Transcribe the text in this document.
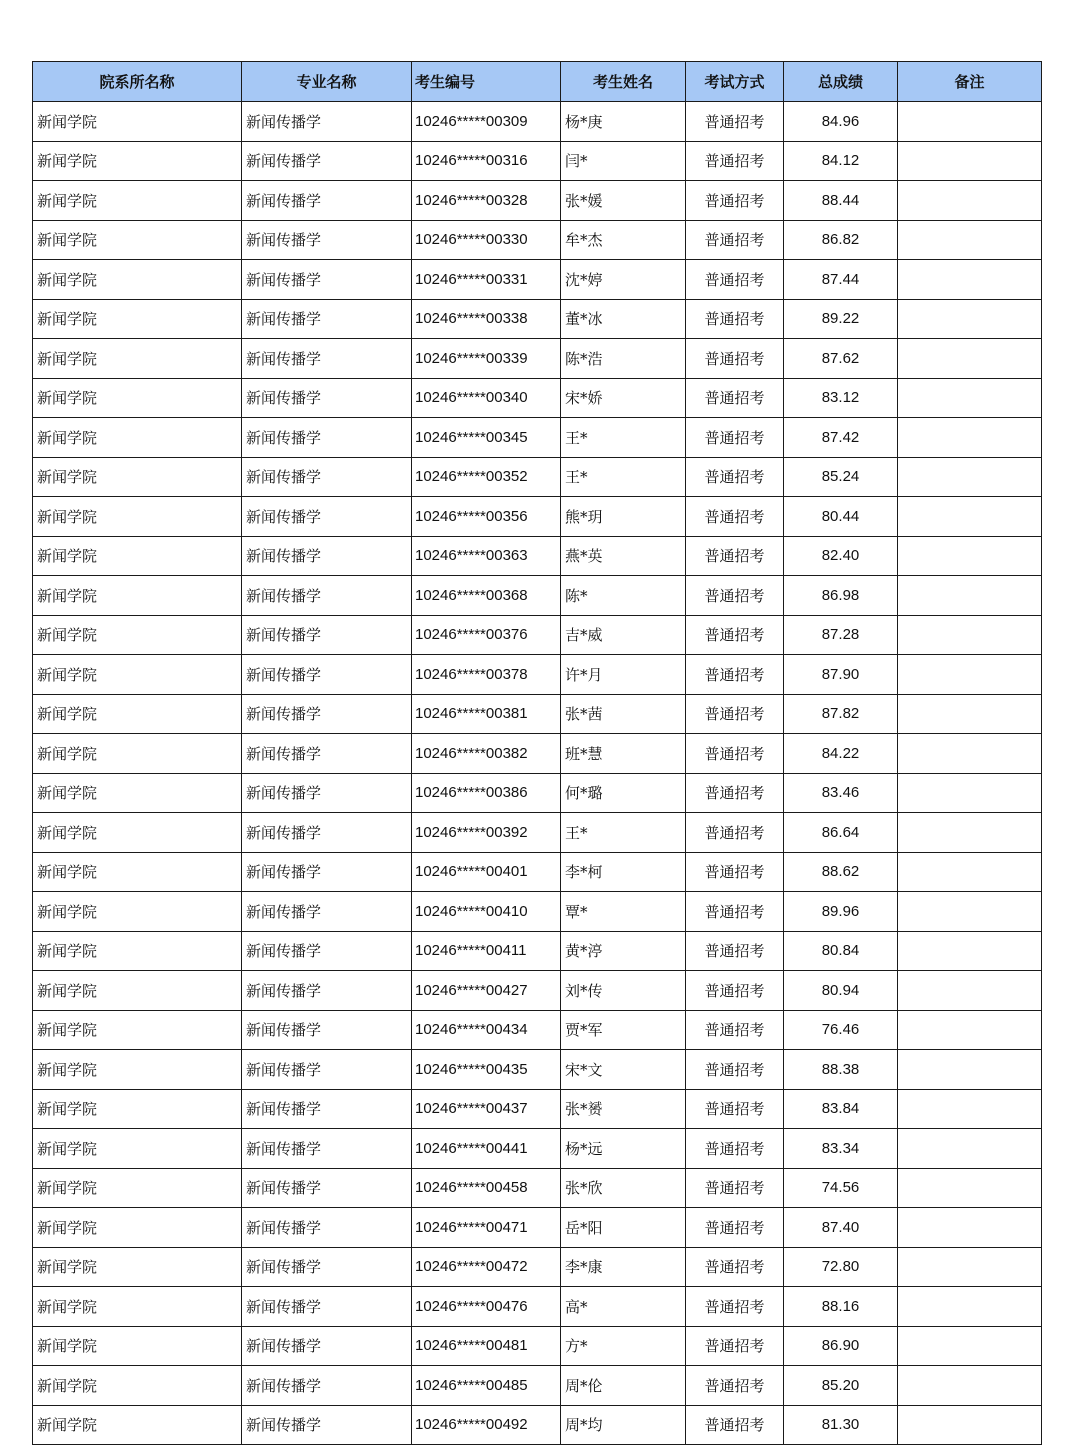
院系所名称	专业名称	考生编号	考生姓名	考试方式	总成绩	备注
新闻学院	新闻传播学	10246*****00309	杨*庚	普通招考	84.96	
新闻学院	新闻传播学	10246*****00316	闫*	普通招考	84.12	
新闻学院	新闻传播学	10246*****00328	张*媛	普通招考	88.44	
新闻学院	新闻传播学	10246*****00330	牟*杰	普通招考	86.82	
新闻学院	新闻传播学	10246*****00331	沈*婷	普通招考	87.44	
新闻学院	新闻传播学	10246*****00338	董*冰	普通招考	89.22	
新闻学院	新闻传播学	10246*****00339	陈*浩	普通招考	87.62	
新闻学院	新闻传播学	10246*****00340	宋*娇	普通招考	83.12	
新闻学院	新闻传播学	10246*****00345	王*	普通招考	87.42	
新闻学院	新闻传播学	10246*****00352	王*	普通招考	85.24	
新闻学院	新闻传播学	10246*****00356	熊*玥	普通招考	80.44	
新闻学院	新闻传播学	10246*****00363	燕*英	普通招考	82.40	
新闻学院	新闻传播学	10246*****00368	陈*	普通招考	86.98	
新闻学院	新闻传播学	10246*****00376	吉*威	普通招考	87.28	
新闻学院	新闻传播学	10246*****00378	许*月	普通招考	87.90	
新闻学院	新闻传播学	10246*****00381	张*茜	普通招考	87.82	
新闻学院	新闻传播学	10246*****00382	班*慧	普通招考	84.22	
新闻学院	新闻传播学	10246*****00386	何*璐	普通招考	83.46	
新闻学院	新闻传播学	10246*****00392	王*	普通招考	86.64	
新闻学院	新闻传播学	10246*****00401	李*柯	普通招考	88.62	
新闻学院	新闻传播学	10246*****00410	覃*	普通招考	89.96	
新闻学院	新闻传播学	10246*****00411	黄*渟	普通招考	80.84	
新闻学院	新闻传播学	10246*****00427	刘*传	普通招考	80.94	
新闻学院	新闻传播学	10246*****00434	贾*军	普通招考	76.46	
新闻学院	新闻传播学	10246*****00435	宋*文	普通招考	88.38	
新闻学院	新闻传播学	10246*****00437	张*赟	普通招考	83.84	
新闻学院	新闻传播学	10246*****00441	杨*远	普通招考	83.34	
新闻学院	新闻传播学	10246*****00458	张*欣	普通招考	74.56	
新闻学院	新闻传播学	10246*****00471	岳*阳	普通招考	87.40	
新闻学院	新闻传播学	10246*****00472	李*康	普通招考	72.80	
新闻学院	新闻传播学	10246*****00476	高*	普通招考	88.16	
新闻学院	新闻传播学	10246*****00481	方*	普通招考	86.90	
新闻学院	新闻传播学	10246*****00485	周*伦	普通招考	85.20	
新闻学院	新闻传播学	10246*****00492	周*均	普通招考	81.30	
